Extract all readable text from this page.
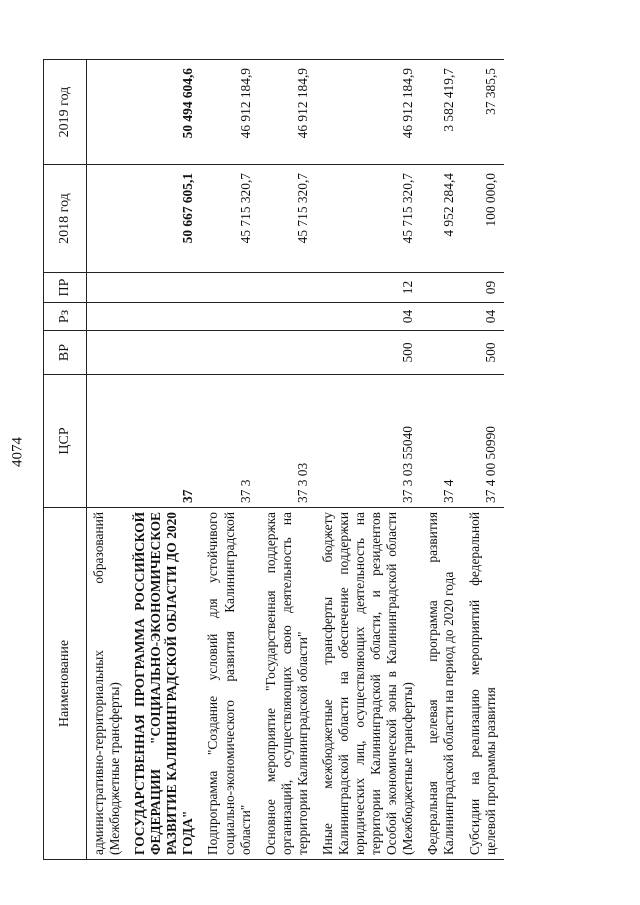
4074
Наименование	ЦСР	ВР	Рз	ПР	2018 год	2019 год
административно-территориальных образований (Межбюджетные трансферты)						
ГОСУДАРСТВЕННАЯ ПРОГРАММА РОССИЙСКОЙ ФЕДЕРАЦИИ "СОЦИАЛЬНО-ЭКОНОМИЧЕСКОЕ РАЗВИТИЕ КАЛИНИНГРАДСКОЙ ОБЛАСТИ ДО 2020 ГОДА"	37				50 667 605,1	50 494 604,6
Подпрограмма "Создание условий для устойчивого социально-экономического развития Калининградской области"	37 3				45 715 320,7	46 912 184,9
Основное мероприятие "Государственная поддержка организаций, осуществляющих свою деятельность на территории Калининградской области"	37 3 03				45 715 320,7	46 912 184,9
Иные межбюджетные трансферты бюджету Калининградской области на обеспечение поддержки юридических лиц, осуществляющих деятельность на территории Калининградской области, и резидентов Особой экономической зоны в Калининградской области (Межбюджетные трансферты)	37 3 03 55040	500	04	12	45 715 320,7	46 912 184,9
Федеральная целевая программа развития Калининградской области на период до 2020 года	37 4				4 952 284,4	3 582 419,7
Субсидии на реализацию мероприятий федеральной целевой программы развития	37 4 00 50990	500	04	09	100 000,0	37 385,5
